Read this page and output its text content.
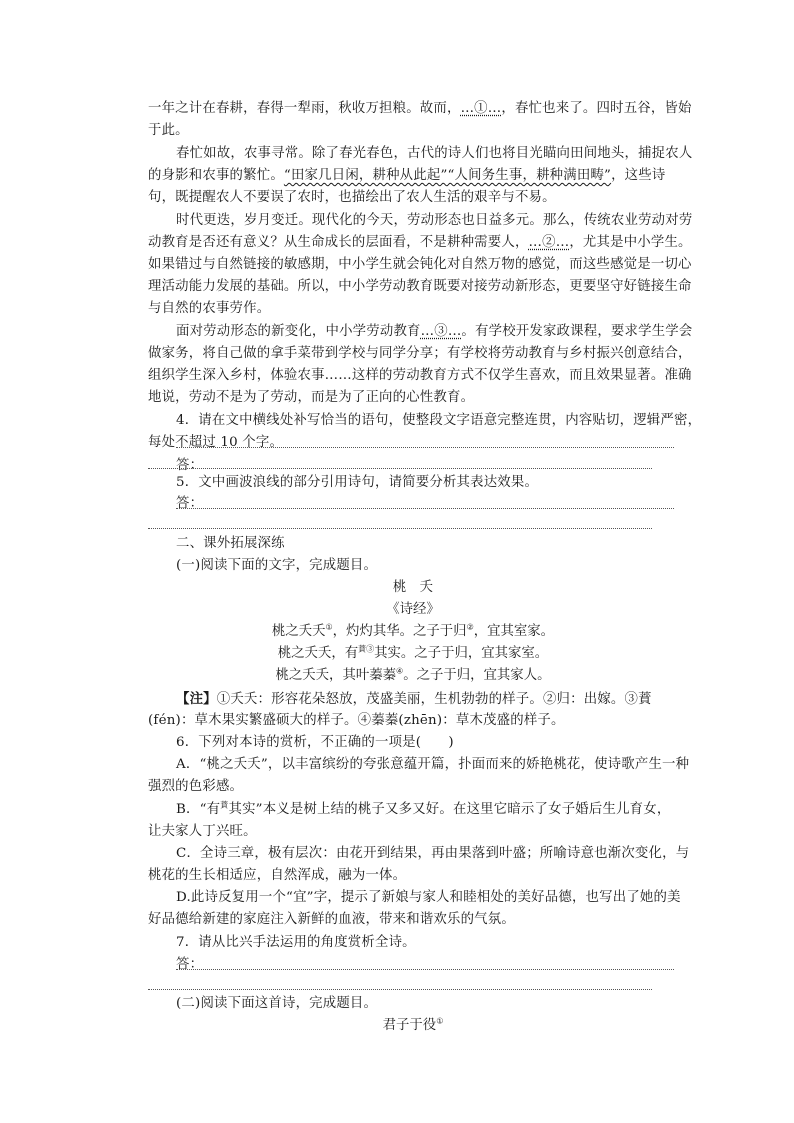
一年之计在春耕，春得一犁雨，秋收万担粮。故而，…①…，春忙也来了。四时五谷，皆始
于此。
春忙如故，农事寻常。除了春光春色，古代的诗人们也将目光瞄向田间地头，捕捉农人
的身影和农事的繁忙。“田家几日闲，耕种从此起”“人间务生事，耕种满田畴”，这些诗
句，既提醒农人不要误了农时，也描绘出了农人生活的艰辛与不易。
时代更迭，岁月变迁。现代化的今天，劳动形态也日益多元。那么，传统农业劳动对劳
动教育是否还有意义？从生命成长的层面看，不是耕种需要人，…②…，尤其是中小学生。
如果错过与自然链接的敏感期，中小学生就会钝化对自然万物的感觉，而这些感觉是一切心
理活动能力发展的基础。所以，中小学劳动教育既要对接劳动新形态，更要坚守好链接生命
与自然的农事劳作。
面对劳动形态的新变化，中小学劳动教育…③…。有学校开发家政课程，要求学生学会
做家务，将自己做的拿手菜带到学校与同学分享；有学校将劳动教育与乡村振兴创意结合，
组织学生深入乡村，体验农事……这样的劳动教育方式不仅学生喜欢，而且效果显著。准确
地说，劳动不是为了劳动，而是为了正向的心性教育。
4．请在文中横线处补写恰当的语句，使整段文字语意完整连贯，内容贴切，逻辑严密，
每处不超过 10 个字。
答：
5．文中画波浪线的部分引用诗句，请简要分析其表达效果。
答：
二、课外拓展深练
(一)阅读下面的文字，完成题目。
桃　夭
《诗经》
桃之夭夭①，灼灼其华。之子于归②，宜其室家。
桃之夭夭，有$^{蕡③}$其实。之子于归，宜其家室。
桃之夭夭，其叶蓁蓁④。之子于归，宜其家人。
【注】①夭夭：形容花朵怒放，茂盛美丽，生机勃勃的样子。②归：出嫁。③蕡
(fén)：草木果实繁盛硕大的样子。④蓁蓁(zhēn)：草木茂盛的样子。
6．下列对本诗的赏析，不正确的一项是(　　)
A．“桃之夭夭”，以丰富缤纷的夸张意蕴开篇，扑面而来的娇艳桃花，使诗歌产生一种
强烈的色彩感。
B．“有$^蕡$其实”本义是树上结的桃子又多又好。在这里它暗示了女子婚后生儿育女，
让夫家人丁兴旺。
C．全诗三章，极有层次：由花开到结果，再由果落到叶盛；所喻诗意也渐次变化，与
桃花的生长相适应，自然浑成，融为一体。
D.此诗反复用一个“宜”字，提示了新娘与家人和睦相处的美好品德，也写出了她的美
好品德给新建的家庭注入新鲜的血液，带来和谐欢乐的气氛。
7．请从比兴手法运用的角度赏析全诗。
答：
(二)阅读下面这首诗，完成题目。
君子于役①
